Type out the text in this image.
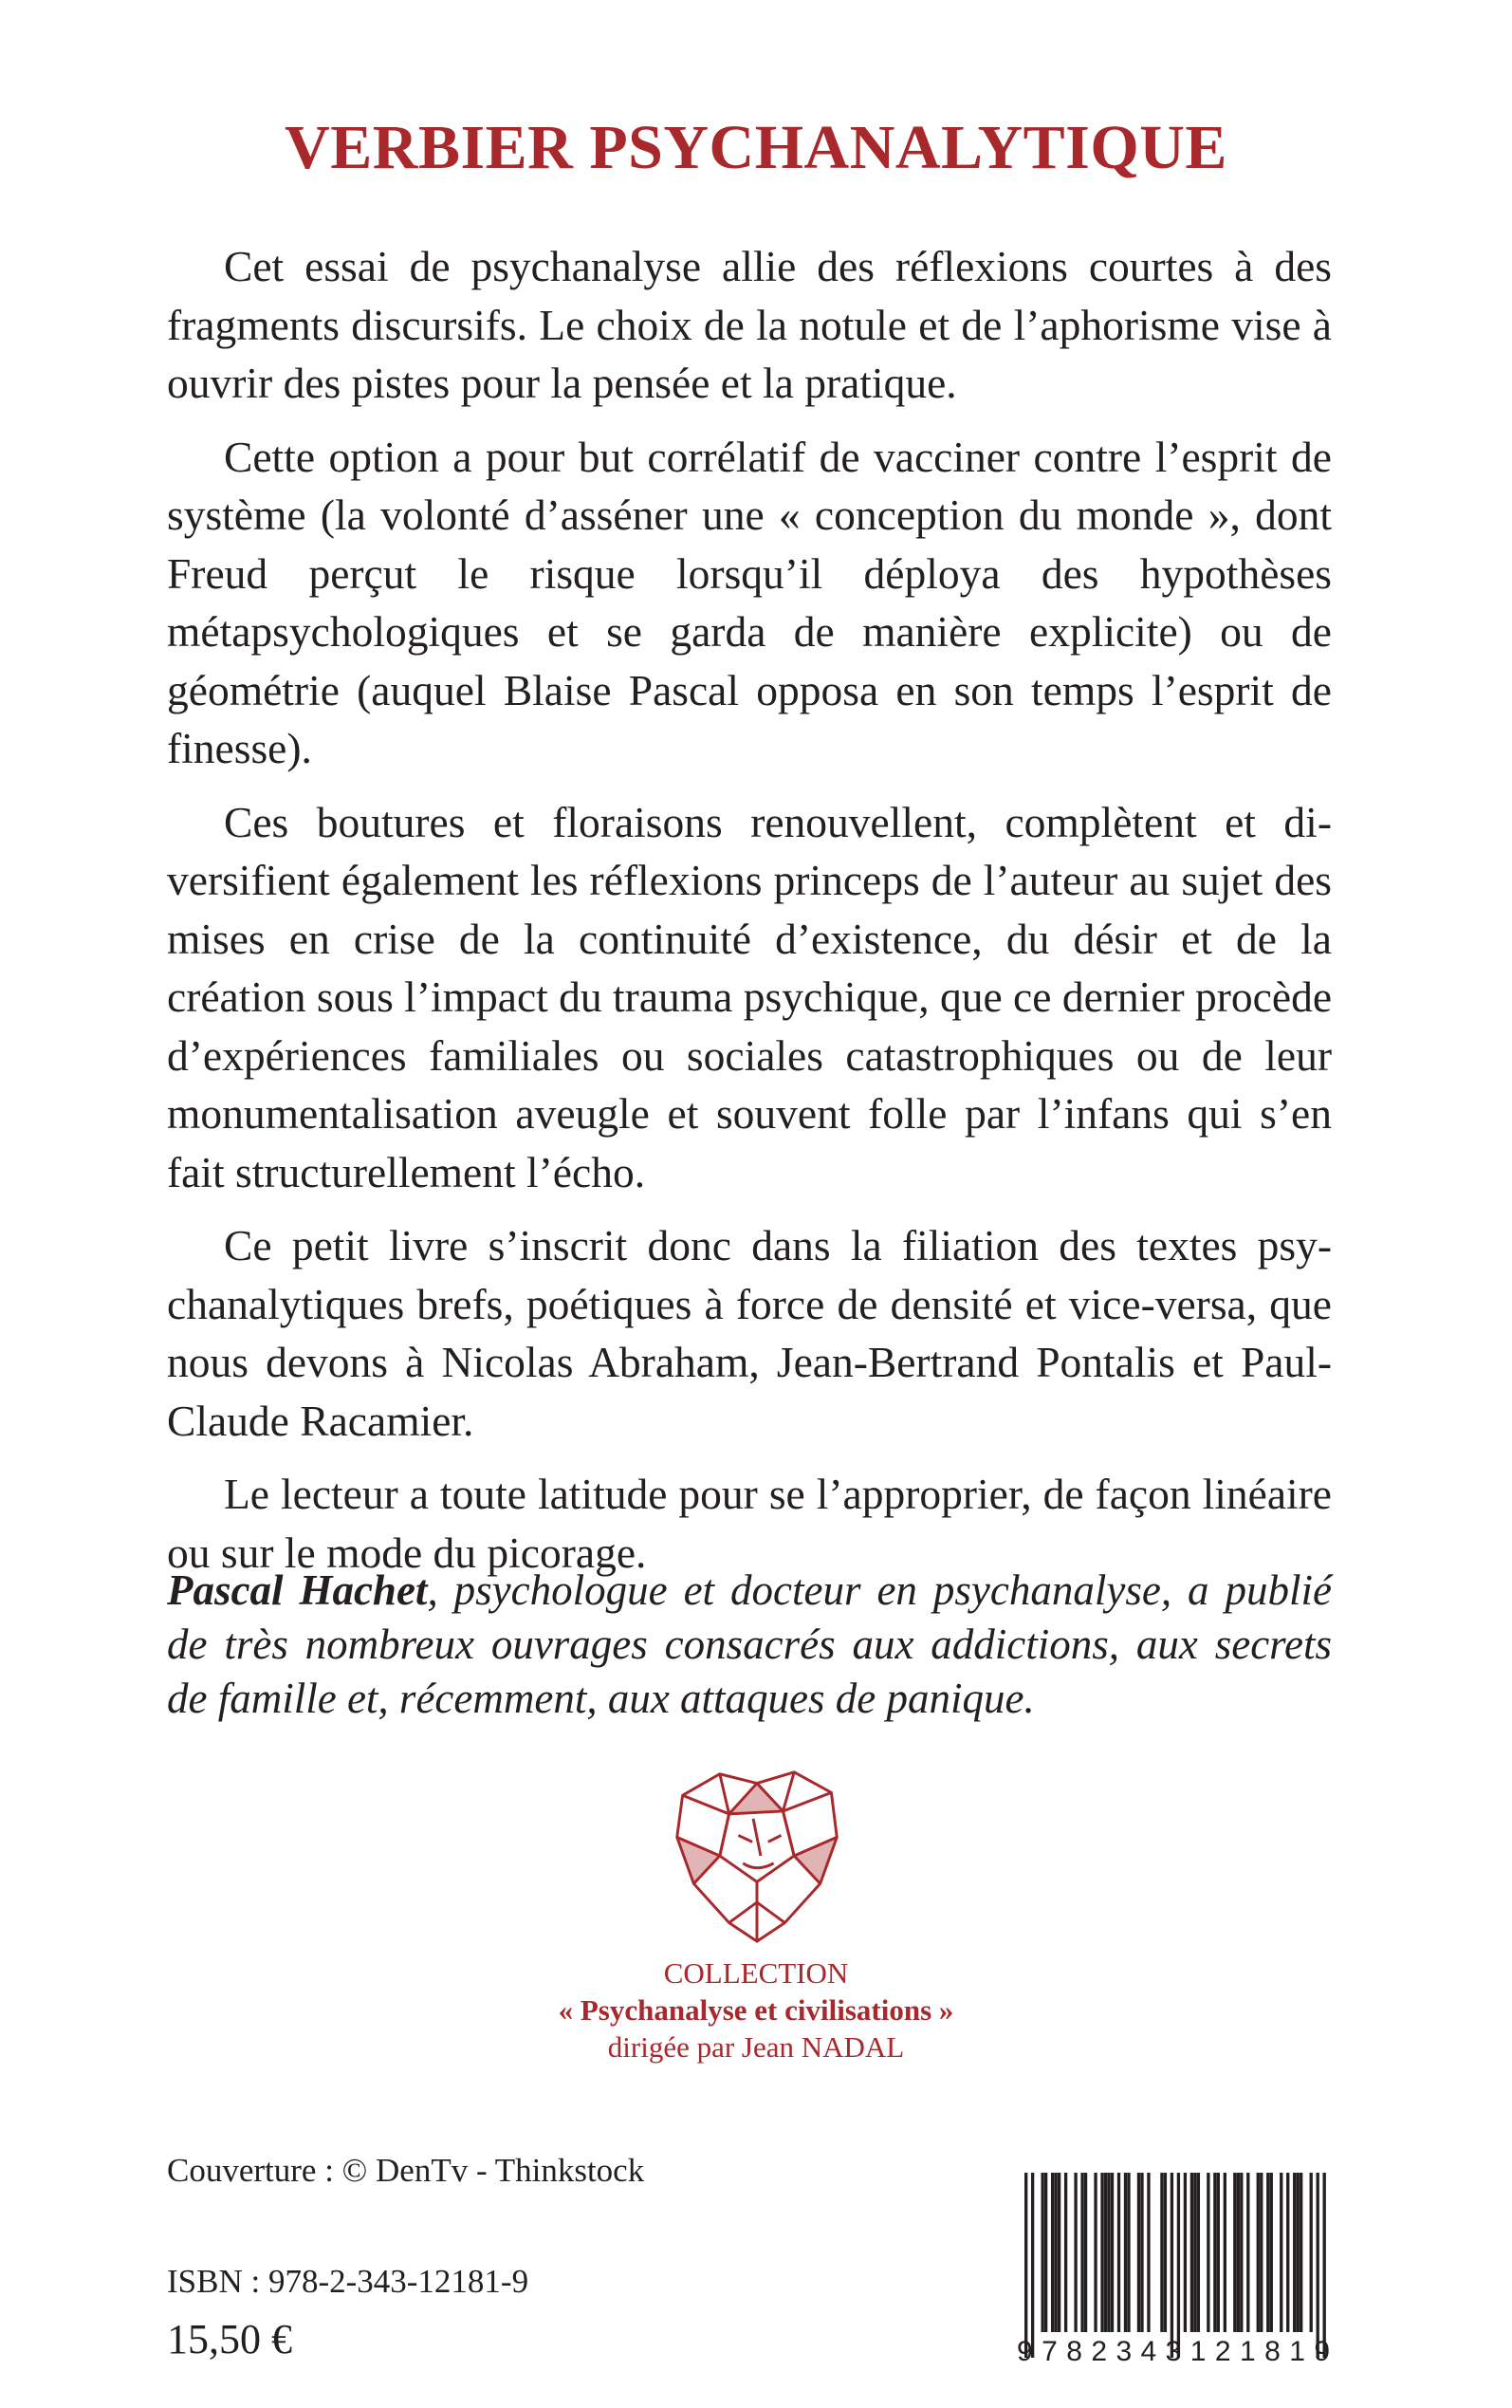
VERBIER PSYCHANALYTIQUE

Cet essai de psychanalyse allie des réflexions courtes à des fragments discursifs. Le choix de la notule et de l’aphorisme vise à ouvrir des pistes pour la pensée et la pratique.

Cette option a pour but corrélatif de vacciner contre l’esprit de système (la volonté d’asséner une « conception du monde », dont Freud perçut le risque lorsqu’il déploya des hypothèses métapsychologiques et se garda de manière explicite) ou de géométrie (auquel Blaise Pascal opposa en son temps l’esprit de finesse).

Ces boutures et floraisons renouvellent, complètent et diversifient également les réflexions princeps de l’auteur au sujet des mises en crise de la continuité d’existence, du désir et de la création sous l’impact du trauma psychique, que ce dernier procède d’expériences familiales ou sociales catastrophiques ou de leur monumentalisation aveugle et souvent folle par l’infans qui s’en fait structurellement l’écho.

Ce petit livre s’inscrit donc dans la filiation des textes psychanalytiques brefs, poétiques à force de densité et vice-versa, que nous devons à Nicolas Abraham, Jean-Bertrand Pontalis et Paul-Claude Racamier.

Le lecteur a toute latitude pour se l’approprier, de façon linéaire ou sur le mode du picorage.

Pascal Hachet, psychologue et docteur en psychanalyse, a publié de très nombreux ouvrages consacrés aux addictions, aux secrets de famille et, récemment, aux attaques de panique.
COLLECTION
« Psychanalyse et civilisations »
dirigée par Jean NADAL
Couverture : © DenTv - Thinkstock
ISBN : 978-2-343-12181-9
15,50 €	9 7 8 2 3 4 3 1 2 1 8 1 9
